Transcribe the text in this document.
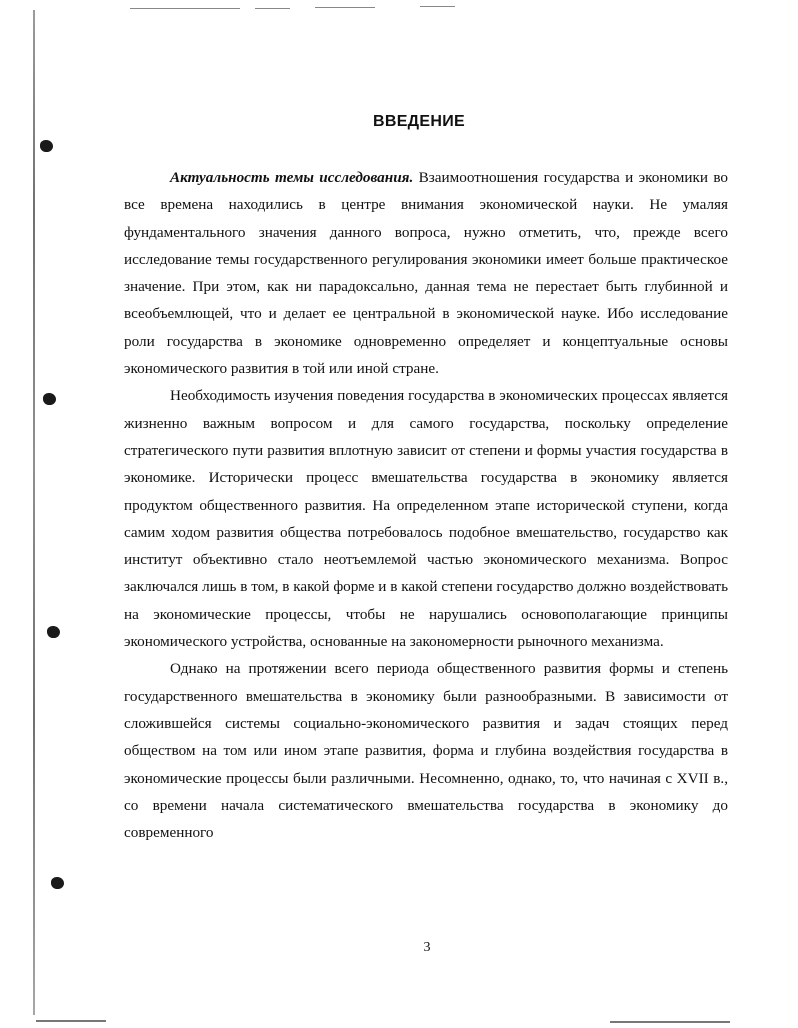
ВВЕДЕНИЕ

Актуальность темы исследования. Взаимоотношения государства и экономики во все времена находились в центре внимания экономической науки. Не умаляя фундаментального значения данного вопроса, нужно отметить, что, прежде всего исследование темы государственного регулирования экономики имеет больше практическое значение. При этом, как ни парадоксально, данная тема не перестает быть глубинной и всеобъемлющей, что и делает ее центральной в экономической науке. Ибо исследование роли государства в экономике одновременно определяет и концептуальные основы экономического развития в той или иной стране.

Необходимость изучения поведения государства в экономических процессах является жизненно важным вопросом и для самого государства, поскольку определение стратегического пути развития вплотную зависит от степени и формы участия государства в экономике. Исторически процесс вмешательства государства в экономику является продуктом общественного развития. На определенном этапе исторической ступени, когда самим ходом развития общества потребовалось подобное вмешательство, государство как институт объективно стало неотъемлемой частью экономического механизма. Вопрос заключался лишь в том, в какой форме и в какой степени государство должно воздействовать на экономические процессы, чтобы не нарушались основополагающие принципы экономического устройства, основанные на закономерности рыночного механизма.

Однако на протяжении всего периода общественного развития формы и степень государственного вмешательства в экономику были разнообразными. В зависимости от сложившейся системы социально-экономического развития и задач стоящих перед обществом на том или ином этапе развития, форма и глубина воздействия государства в экономические процессы были различными. Несомненно, однако, то, что начиная с XVII в., со времени начала систематического вмешательства государства в экономику до современного

3
